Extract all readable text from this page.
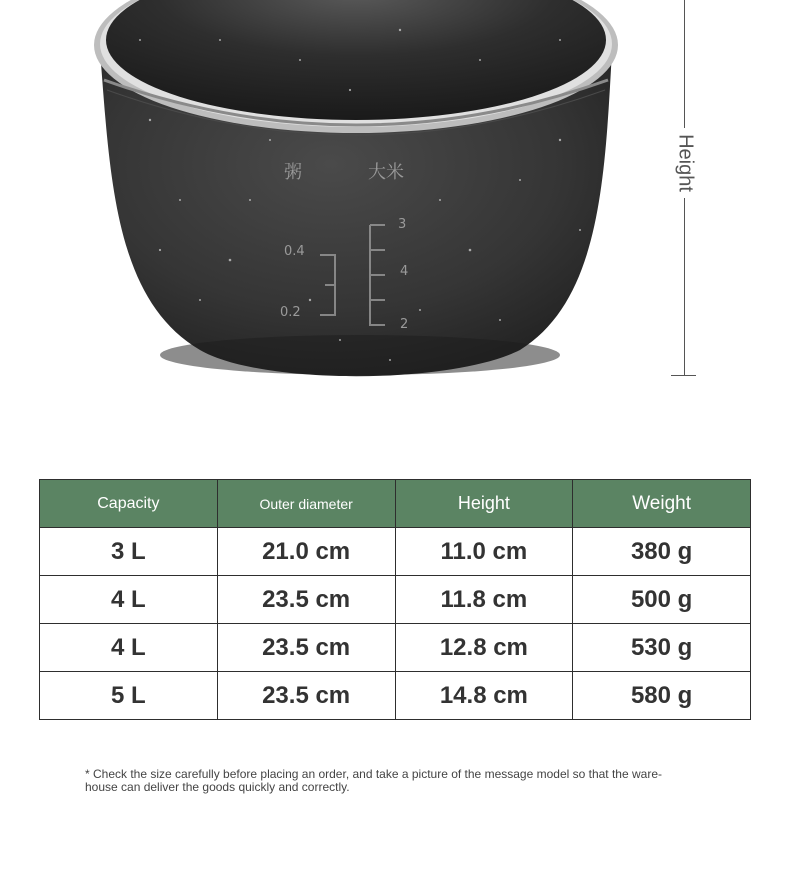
粥	大米
0.4
0.2
3
4
2
Height
Capacity	Outer diameter	Height	Weight
3 L	21.0 cm	11.0 cm	380 g
4 L	23.5 cm	11.8 cm	500 g
4 L	23.5 cm	12.8 cm	530 g
5 L	23.5 cm	14.8 cm	580 g
* Check the size carefully before placing an order, and take a picture of the message model so that the ware-
house can deliver the goods quickly and correctly.
